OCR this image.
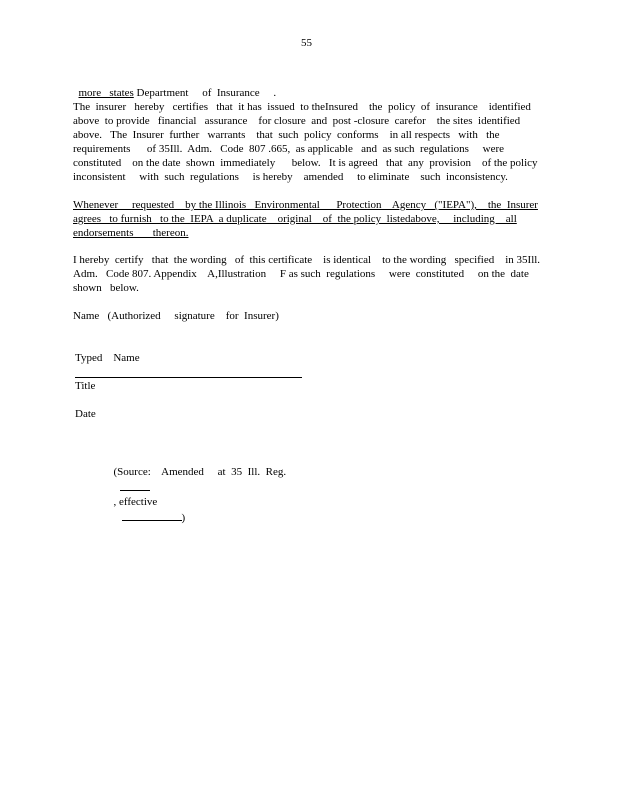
55

more   states Department     of  Insurance     .

The  insurer   hereby   certifies   that  it has  issued  to theInsured    the  policy  of  insurance    identified
above  to provide   financial   assurance    for closure  and  post -closure  carefor    the sites  identified
above.   The  Insurer  further   warrants    that  such  policy  conforms    in all respects   with   the
requirements      of 35Ill.  Adm.   Code  807 .665,  as applicable   and  as such  regulations     were
constituted    on the date  shown  immediately      below.   It is agreed   that  any  provision    of the policy
inconsistent     with  such  regulations     is hereby    amended     to eliminate    such  inconsistency.
Whenever     requested    by the Illinois   Environmental      Protection    Agency   ("IEPA"),    the  Insurer
agrees   to furnish   to the  IEPA  a duplicate    original    of  the policy  listedabove,     including    all
endorsements       thereon.
I hereby  certify   that  the wording   of  this certificate    is identical    to the wording   specified    in 35Ill.
Adm.   Code 807. Appendix    A,Illustration     F as such  regulations     were  constituted     on the  date
shown   below.
Name   (Authorized     signature    for  Insurer)
Typed    Name
Title
Date

(Source:    Amended     at  35  Ill.  Reg.

, effective
)
